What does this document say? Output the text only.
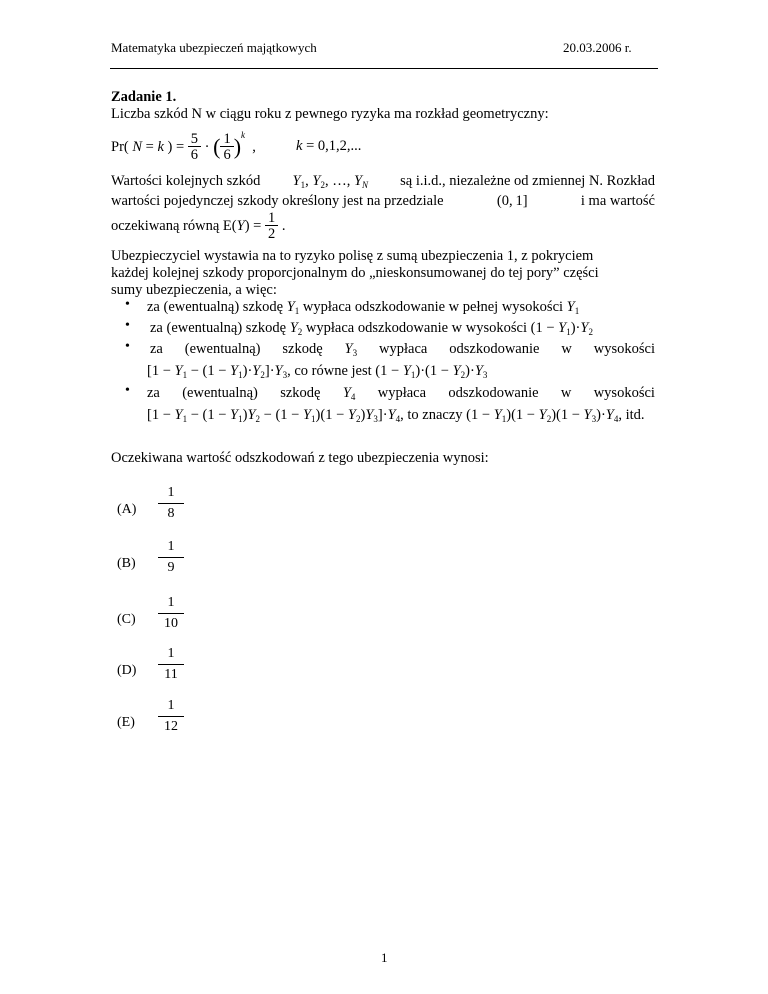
Matematyka ubezpieczeń majątkowych	20.03.2006 r.
Zadanie 1.
Liczba szkód N w ciągu roku z pewnego ryzyka ma rozkład geometryczny:
Pr( N = k ) = $\frac{5}{6}$ · ( $\frac{1}{6} )^k$
,	k = 0,1,2,...
Wartości kolejnych szkód $Y_1$, $Y_2$, …, $Y_N$ są i.i.d., niezależne od zmiennej N. Rozkład
wartości pojedynczej szkody określony jest na przedziale	(0, 1]	i ma wartość
oczekiwaną równą $E(Y) = \frac{1}{2}$ .
Ubezpieczyciel wystawia na to ryzyko polisę z sumą ubezpieczenia 1, z pokryciem
każdej kolejnej szkody proporcjonalnym do „nieskonsumowanej do tej pory” części
sumy ubezpieczenia, a więc:
• za (ewentualną) szkodę $Y_1$ wypłaca odszkodowanie w pełnej wysokości $Y_1$
• za (ewentualną) szkodę $Y_2$ wypłaca odszkodowanie w wysokości $(1 - Y_1)\cdot Y_2$
• za (ewentualną) szkodę $Y_3$ wypłaca odszkodowanie w wysokości
$[1 - Y_1 - (1 - Y_1)\cdot Y_2]\cdot Y_3$, co równe jest $(1 - Y_1)\cdot(1 - Y_2)\cdot Y_3$
• za (ewentualną) szkodę $Y_4$ wypłaca odszkodowanie w wysokości
$[1 - Y_1 - (1 - Y_1)Y_2 - (1 - Y_1)(1 - Y_2)Y_3]\cdot Y_4$, to znaczy $(1 - Y_1)(1 - Y_2)(1 - Y_3)\cdot Y_4$, itd.
Oczekiwana wartość odszkodowań z tego ubezpieczenia wynosi:
$(A) \frac{1}{8}$
$(B) \frac{1}{9}$
$(C) \frac{1}{10}$
$(D) \frac{1}{11}$
$(E) \frac{1}{12}$
1
